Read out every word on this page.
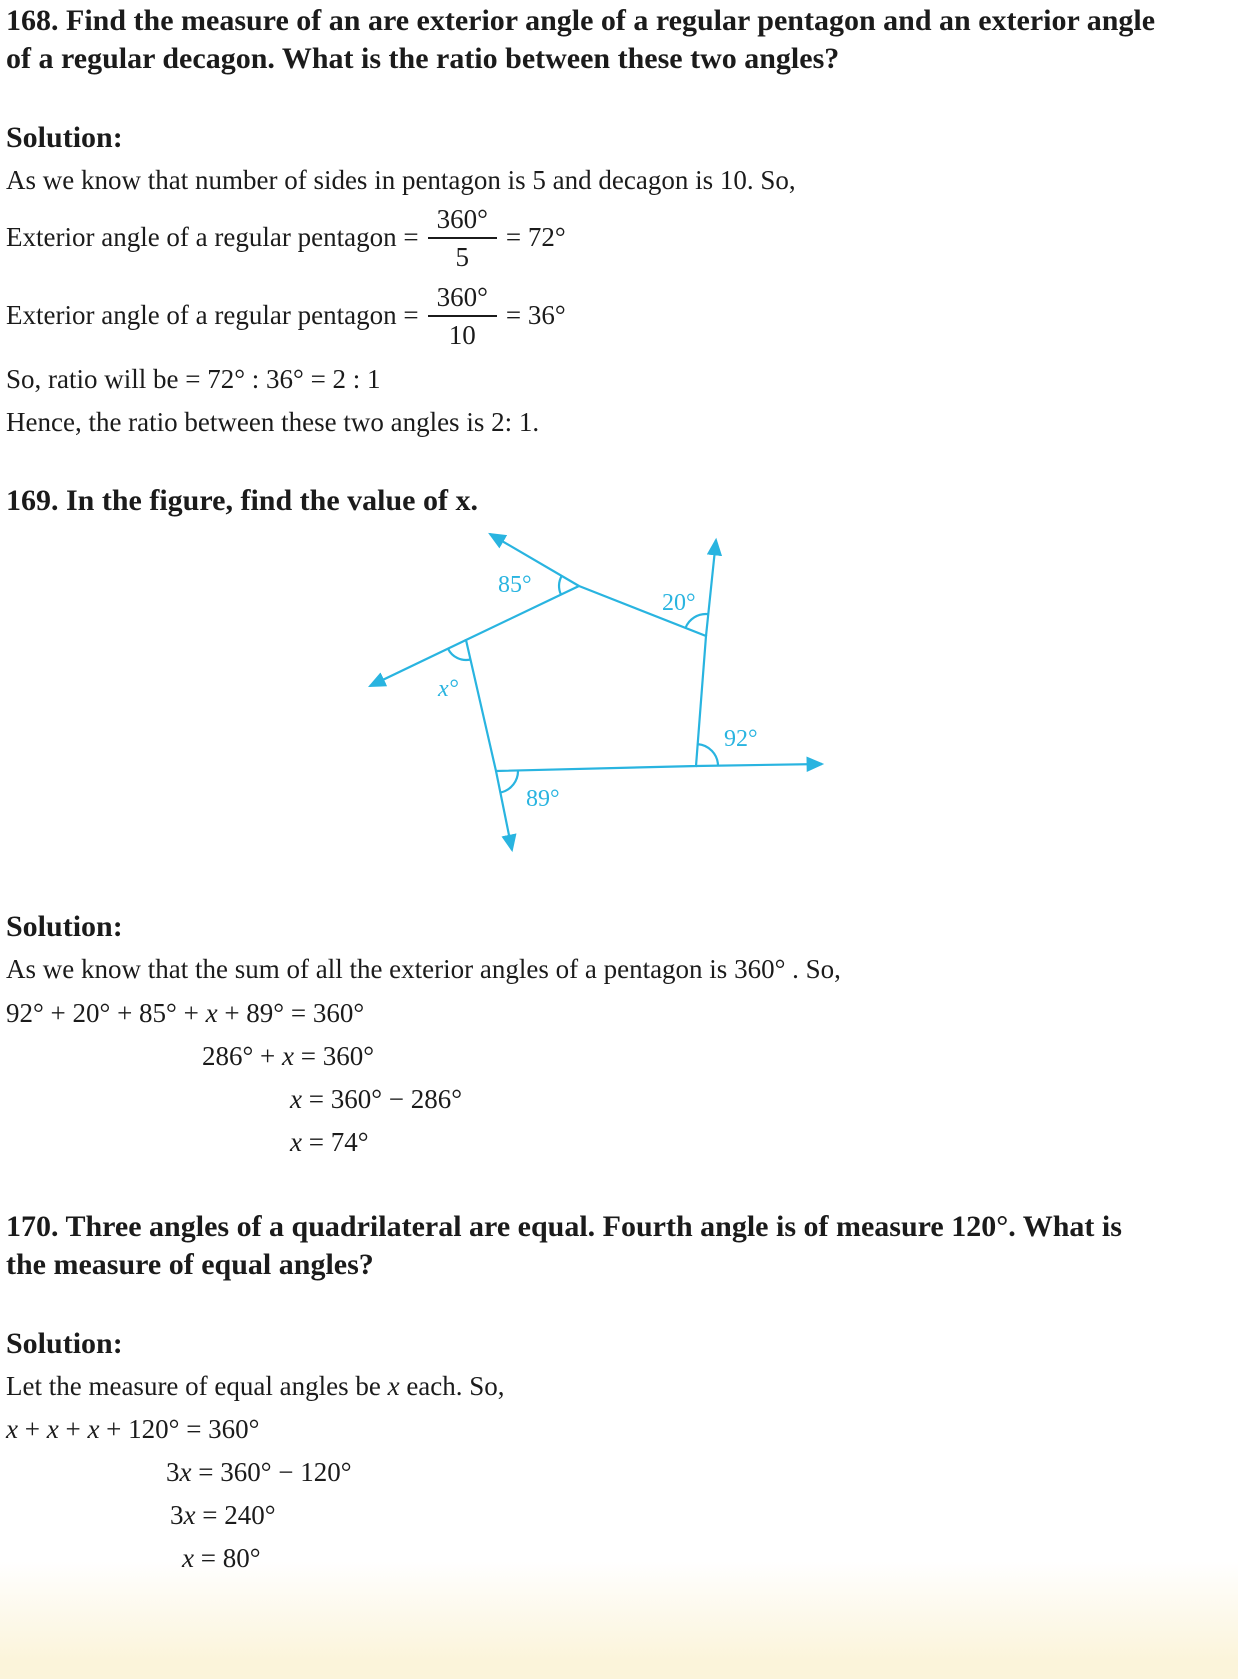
168. Find the measure of an are exterior angle of a regular pentagon and an exterior angle of a regular decagon. What is the ratio between these two angles?
Solution:
As we know that number of sides in pentagon is 5 and decagon is 10. So,
Exterior angle of a regular pentagon = $\frac{360^\circ}{5} = 72^\circ$
Exterior angle of a regular pentagon = $\frac{360^\circ}{10} = 36^\circ$
So, ratio will be = 72° : 36° = 2 : 1
Hence, the ratio between these two angles is 2: 1.
169. In the figure, find the value of x.
85°
20°
92°
89°
x°
Solution:
As we know that the sum of all the exterior angles of a pentagon is 360° . So,
92° + 20° + 85° + x + 89° = 360°
286° + x = 360°
x = 360° − 286°
x = 74°
170. Three angles of a quadrilateral are equal. Fourth angle is of measure 120°. What is the measure of equal angles?
Solution:
Let the measure of equal angles be x each. So,
x + x + x + 120° = 360°
3x = 360° − 120°
3x = 240°
x = 80°
